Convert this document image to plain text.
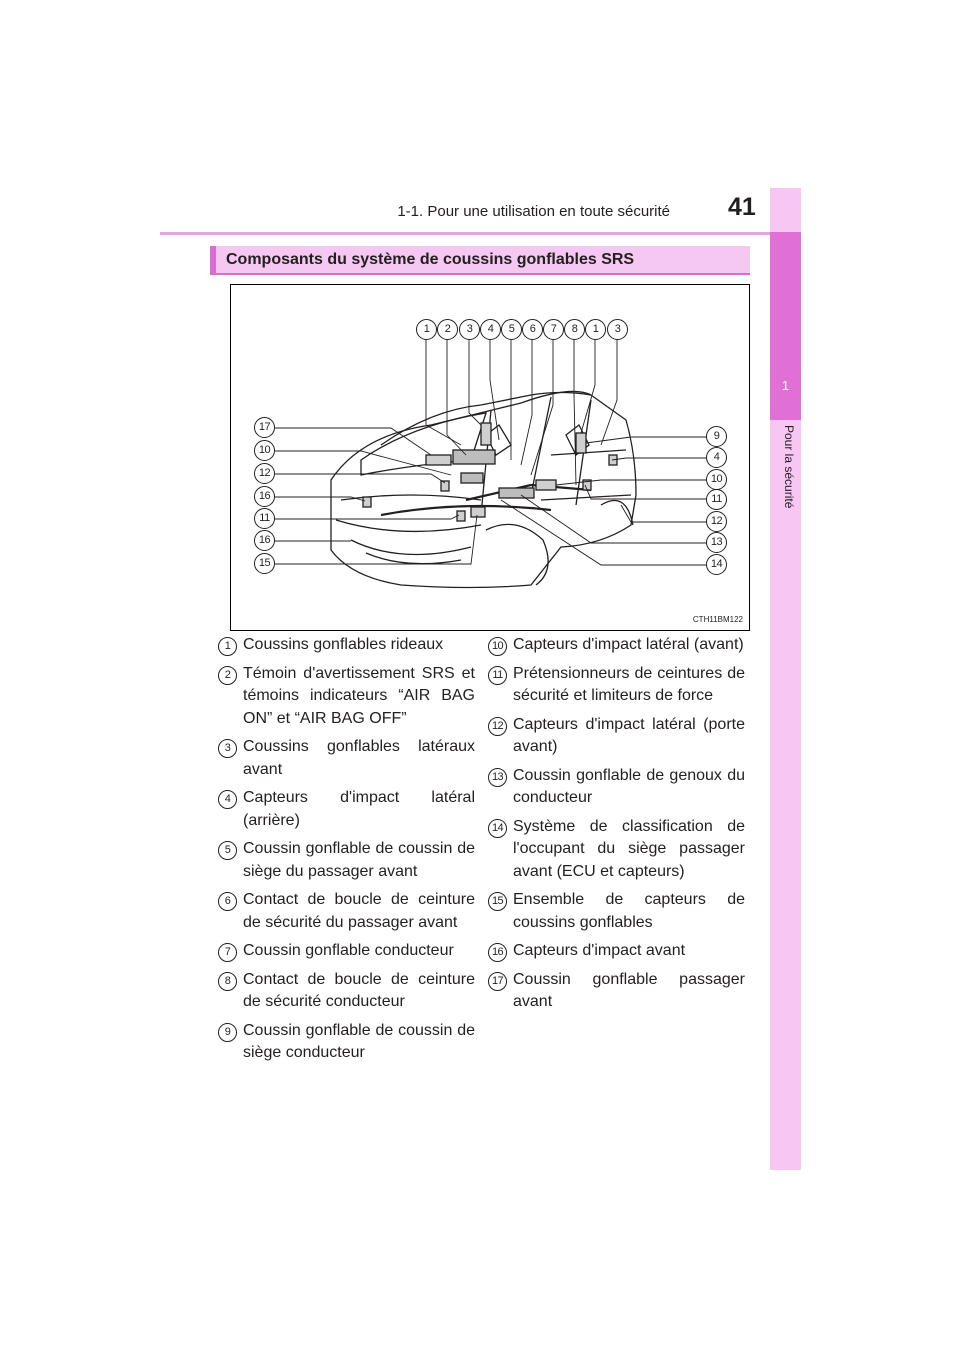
1-1. Pour une utilisation en toute sécurité 41
1
Pour la sécurité
Composants du système de coussins gonflables SRS
1	2	3	4	5	6	7	8	1	3
17
10
12
16
11
16
15
9
4
10
11
12
13
14
CTH11BM122
1 Coussins gonflables rideaux
2 Témoin d'avertissement SRS et témoins indicateurs “AIR BAG ON” et “AIR BAG OFF”
3 Coussins gonflables latéraux avant
4 Capteurs d'impact latéral (arrière)
5 Coussin gonflable de coussin de siège du passager avant
6 Contact de boucle de ceinture de sécurité du passager avant
7 Coussin gonflable conducteur
8 Contact de boucle de ceinture de sécurité conducteur
9 Coussin gonflable de coussin de siège conducteur
10 Capteurs d'impact latéral (avant)
11 Prétensionneurs de ceintures de sécurité et limiteurs de force
12 Capteurs d'impact latéral (porte avant)
13 Coussin gonflable de genoux du conducteur
14 Système de classification de l'occupant du siège passager avant (ECU et capteurs)
15 Ensemble de capteurs de coussins gonflables
16 Capteurs d'impact avant
17 Coussin gonflable passager avant
